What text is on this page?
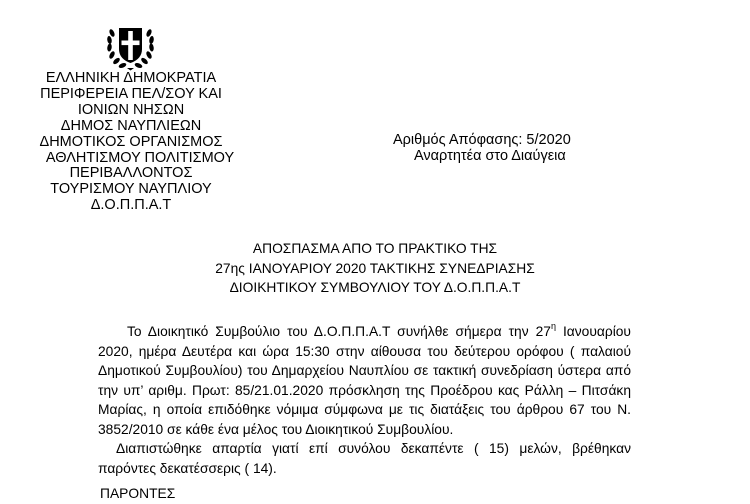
ΕΛΛΗΝΙΚΗ ΔΗΜΟΚΡΑΤΙΑ
ΠΕΡΙΦΕΡΕΙΑ ΠΕΛ/ΣΟΥ ΚΑΙ
ΙΟΝΙΩΝ ΝΗΣΩΝ
ΔΗΜΟΣ ΝΑΥΠΛΙΕΩΝ
ΔΗΜΟΤΙΚΟΣ ΟΡΓΑΝΙΣΜΟΣ
ΑΘΛΗΤΙΣΜΟΥ ΠΟΛΙΤΙΣΜΟΥ
ΠΕΡΙΒΑΛΛΟΝΤΟΣ
ΤΟΥΡΙΣΜΟΥ ΝΑΥΠΛΙΟΥ
Δ.Ο.Π.Π.Α.Τ
Αριθμός Απόφασης: 5/2020
Αναρτητέα στο Διαύγεια
ΑΠΟΣΠΑΣΜΑ ΑΠΟ ΤΟ ΠΡΑΚΤΙΚΟ ΤΗΣ
27ης ΙΑΝΟΥΑΡΙΟΥ 2020 ΤΑΚΤΙΚΗΣ ΣΥΝΕΔΡΙΑΣΗΣ
ΔΙΟΙΚΗΤΙΚΟΥ ΣΥΜΒΟΥΛΙΟΥ ΤΟΥ Δ.Ο.Π.Π.Α.Τ

Το Διοικητικό Συμβούλιο του Δ.Ο.Π.Π.Α.Τ συνήλθε σήμερα την $27^\eta$ Ιανουαρίου 2020, ημέρα Δευτέρα και ώρα 15:30 στην αίθουσα του δεύτερου ορόφου ( παλαιού Δημοτικού Συμβουλίου) του Δημαρχείου Ναυπλίου σε τακτική συνεδρίαση ύστερα από την υπ’ αριθμ. Πρωτ: 85/21.01.2020 πρόσκληση της Προέδρου κας Ράλλη – Πιτσάκη Μαρίας, η οποία επιδόθηκε νόμιμα σύμφωνα με τις διατάξεις του άρθρου 67 του Ν. 3852/2010 σε κάθε ένα μέλος του Διοικητικού Συμβουλίου.

Διαπιστώθηκε απαρτία γιατί επί συνόλου δεκαπέντε ( 15) μελών, βρέθηκαν παρόντες δεκατέσσερις ( 14).

ΠΑΡΟΝΤΕΣ
